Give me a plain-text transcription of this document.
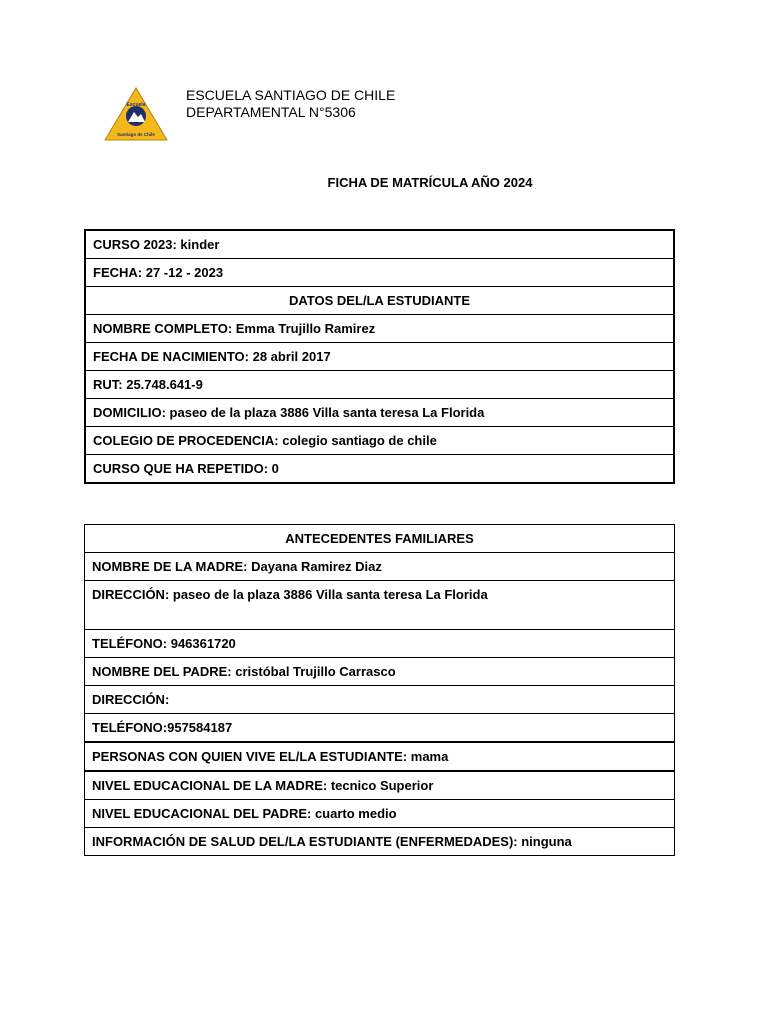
Escuela
Santiago de Chile
ESCUELA SANTIAGO DE CHILE
DEPARTAMENTAL N°5306
FICHA DE MATRÍCULA AÑO 2024
CURSO 2023: kinder
FECHA: 27 -12 - 2023
DATOS DEL/LA ESTUDIANTE
NOMBRE COMPLETO: Emma Trujillo Ramirez
FECHA DE NACIMIENTO: 28 abril 2017
RUT: 25.748.641-9
DOMICILIO: paseo de la plaza 3886 Villa santa teresa La Florida
COLEGIO DE PROCEDENCIA: colegio santiago de chile
CURSO QUE HA REPETIDO: 0
ANTECEDENTES FAMILIARES
NOMBRE DE LA MADRE: Dayana Ramirez Diaz
DIRECCIÓN: paseo de la plaza 3886 Villa santa teresa La Florida
TELÉFONO: 946361720
NOMBRE DEL PADRE: cristóbal Trujillo Carrasco
DIRECCIÓN:
TELÉFONO:957584187
PERSONAS CON QUIEN VIVE EL/LA ESTUDIANTE: mama
NIVEL EDUCACIONAL DE LA MADRE: tecnico Superior
NIVEL EDUCACIONAL DEL PADRE: cuarto medio
INFORMACIÓN DE SALUD DEL/LA ESTUDIANTE (ENFERMEDADES): ninguna
